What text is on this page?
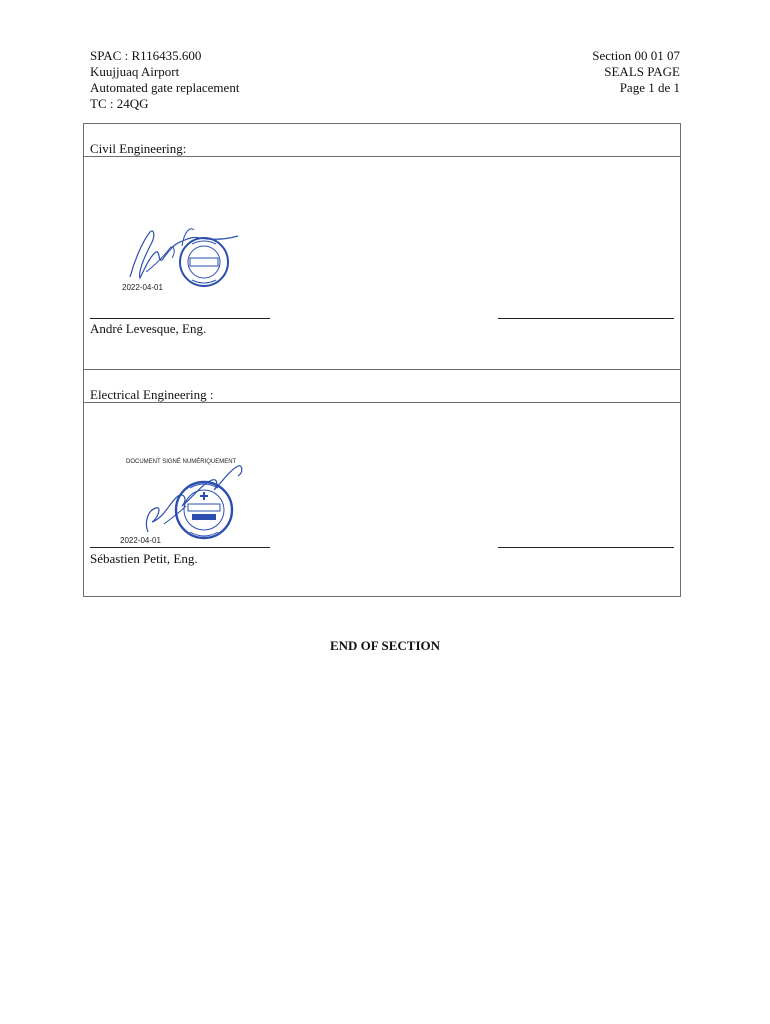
SPAC : R116435.600
Kuujjuaq Airport
Automated gate replacement
TC : 24QG
Section 00 01 07
SEALS PAGE
Page 1 de 1
Civil Engineering:
2022-04-01
André Levesque, Eng.
Electrical Engineering :
DOCUMENT SIGNÉ NUMÉRIQUEMENT
2022-04-01
Sébastien Petit, Eng.
END OF SECTION
